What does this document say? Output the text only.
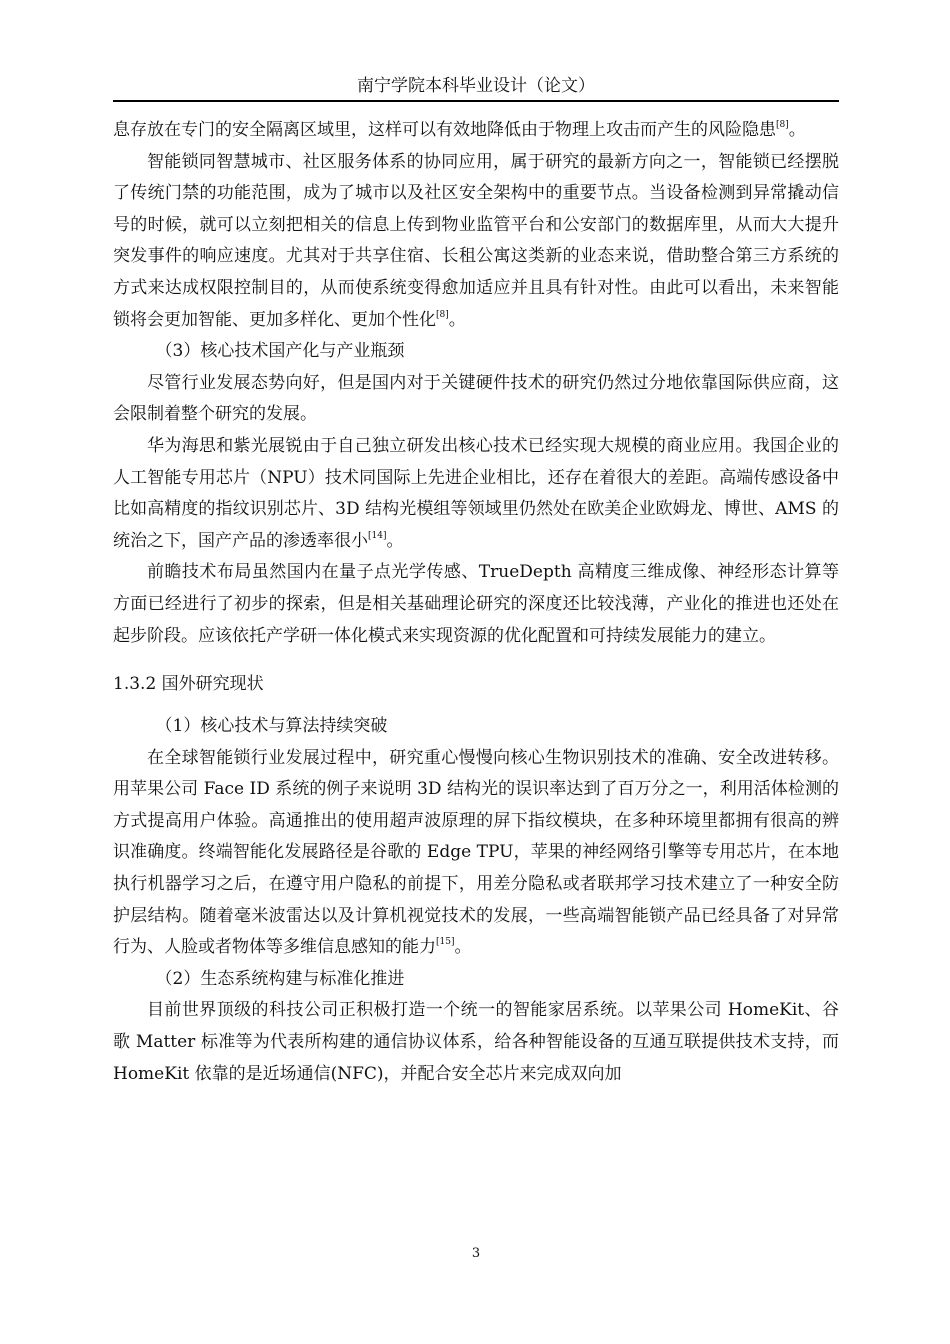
南宁学院本科毕业设计（论文）

息存放在专门的安全隔离区域里，这样可以有效地降低由于物理上攻击而产生的风险隐患[8]。

智能锁同智慧城市、社区服务体系的协同应用，属于研究的最新方向之一，智能锁已经摆脱了传统门禁的功能范围，成为了城市以及社区安全架构中的重要节点。当设备检测到异常撬动信号的时候，就可以立刻把相关的信息上传到物业监管平台和公安部门的数据库里，从而大大提升突发事件的响应速度。尤其对于共享住宿、长租公寓这类新的业态来说，借助整合第三方系统的方式来达成权限控制目的，从而使系统变得愈加适应并且具有针对性。由此可以看出，未来智能锁将会更加智能、更加多样化、更加个性化[8]。

（3）核心技术国产化与产业瓶颈

尽管行业发展态势向好，但是国内对于关键硬件技术的研究仍然过分地依靠国际供应商，这会限制着整个研究的发展。

华为海思和紫光展锐由于自己独立研发出核心技术已经实现大规模的商业应用。我国企业的人工智能专用芯片（NPU）技术同国际上先进企业相比，还存在着很大的差距。高端传感设备中比如高精度的指纹识别芯片、3D 结构光模组等领域里仍然处在欧美企业欧姆龙、博世、AMS 的统治之下，国产产品的渗透率很小[14]。

前瞻技术布局虽然国内在量子点光学传感、TrueDepth 高精度三维成像、神经形态计算等方面已经进行了初步的探索，但是相关基础理论研究的深度还比较浅薄，产业化的推进也还处在起步阶段。应该依托产学研一体化模式来实现资源的优化配置和可持续发展能力的建立。

1.3.2 国外研究现状

（1）核心技术与算法持续突破

在全球智能锁行业发展过程中，研究重心慢慢向核心生物识别技术的准确、安全改进转移。用苹果公司 Face ID 系统的例子来说明 3D 结构光的误识率达到了百万分之一，利用活体检测的方式提高用户体验。高通推出的使用超声波原理的屏下指纹模块，在多种环境里都拥有很高的辨识准确度。终端智能化发展路径是谷歌的 Edge TPU，苹果的神经网络引擎等专用芯片，在本地执行机器学习之后，在遵守用户隐私的前提下，用差分隐私或者联邦学习技术建立了一种安全防护层结构。随着毫米波雷达以及计算机视觉技术的发展，一些高端智能锁产品已经具备了对异常行为、人脸或者物体等多维信息感知的能力[15]。

（2）生态系统构建与标准化推进

目前世界顶级的科技公司正积极打造一个统一的智能家居系统。以苹果公司 HomeKit、谷歌 Matter 标准等为代表所构建的通信协议体系，给各种智能设备的互通互联提供技术支持，而 HomeKit 依靠的是近场通信(NFC)，并配合安全芯片来完成双向加

3
